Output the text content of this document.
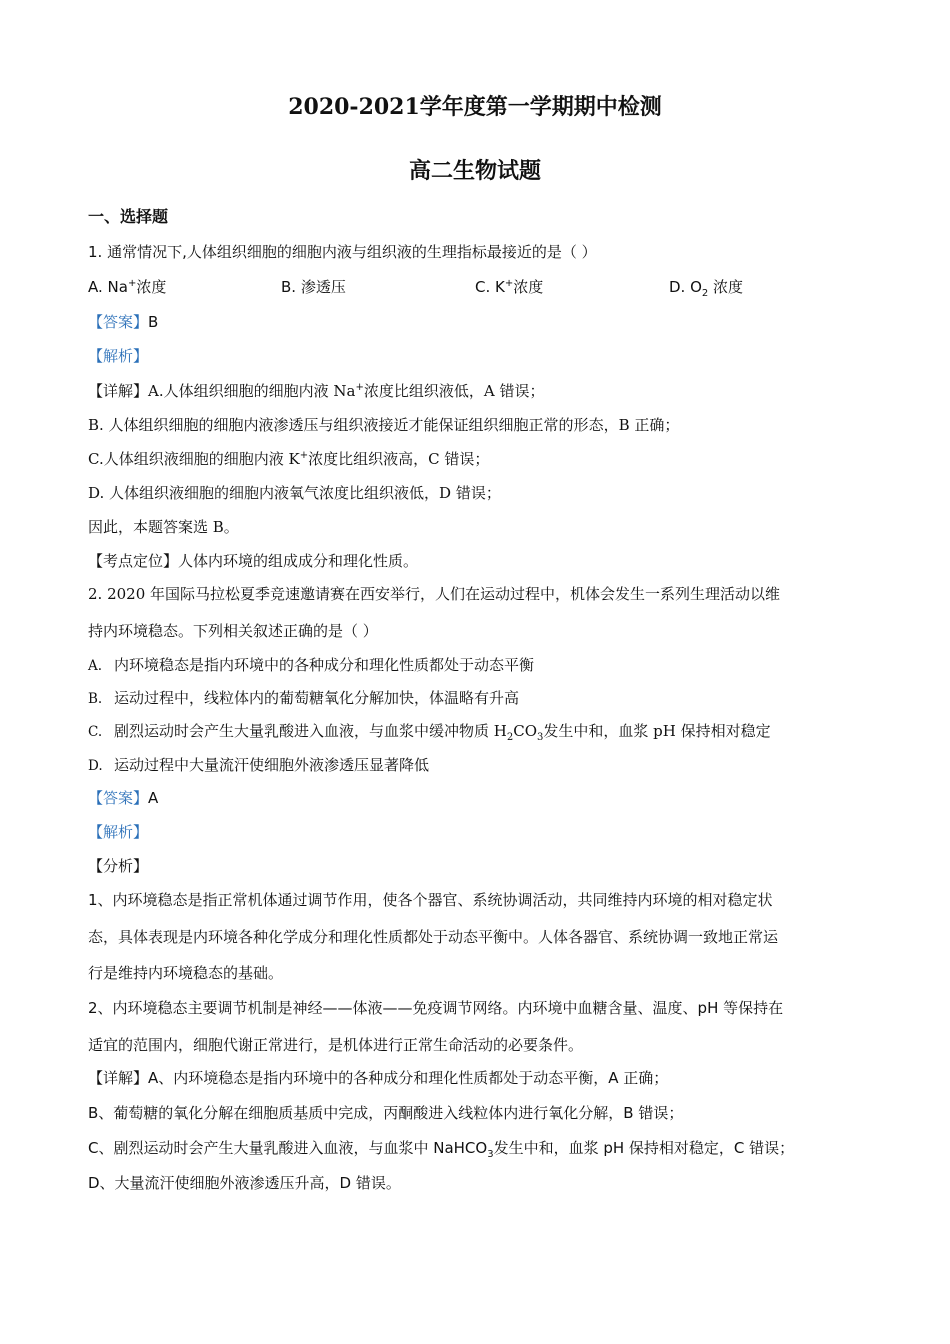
2020-2021学年度第一学期期中检测
高二生物试题
一、选择题
1. 通常情况下,人体组织细胞的细胞内液与组织液的生理指标最接近的是（ ）
A. Na+浓度	B. 渗透压	C. K+浓度	D. $O_2$ 浓度
【答案】B
【解析】
【详解】A.人体组织细胞的细胞内液 Na+浓度比组织液低，A 错误；
B. 人体组织细胞的细胞内液渗透压与组织液接近才能保证组织细胞正常的形态，B 正确；
C.人体组织液细胞的细胞内液 K+浓度比组织液高，C 错误；
D. 人体组织液细胞的细胞内液氧气浓度比组织液低，D 错误；
因此，本题答案选 B。
【考点定位】人体内环境的组成成分和理化性质。
2. 2020 年国际马拉松夏季竞速邀请赛在西安举行，人们在运动过程中，机体会发生一系列生理活动以维
持内环境稳态。下列相关叙述正确的是（ ）
A. 内环境稳态是指内环境中的各种成分和理化性质都处于动态平衡
B. 运动过程中，线粒体内的葡萄糖氧化分解加快，体温略有升高
C. 剧烈运动时会产生大量乳酸进入血液，与血浆中缓冲物质 $H_2CO_3$发生中和，血浆 pH 保持相对稳定
D. 运动过程中大量流汗使细胞外液渗透压显著降低
【答案】A
【解析】
【分析】
1、内环境稳态是指正常机体通过调节作用，使各个器官、系统协调活动，共同维持内环境的相对稳定状
态，具体表现是内环境各种化学成分和理化性质都处于动态平衡中。人体各器官、系统协调一致地正常运
行是维持内环境稳态的基础。
2、内环境稳态主要调节机制是神经——体液——免疫调节网络。内环境中血糖含量、温度、pH 等保持在
适宜的范围内，细胞代谢正常进行，是机体进行正常生命活动的必要条件。
【详解】A、内环境稳态是指内环境中的各种成分和理化性质都处于动态平衡，A 正确；
B、葡萄糖的氧化分解在细胞质基质中完成，丙酮酸进入线粒体内进行氧化分解，B 错误；
C、剧烈运动时会产生大量乳酸进入血液，与血浆中 NaHCO$_3$发生中和，血浆 pH 保持相对稳定，C 错误；
D、大量流汗使细胞外液渗透压升高，D 错误。
